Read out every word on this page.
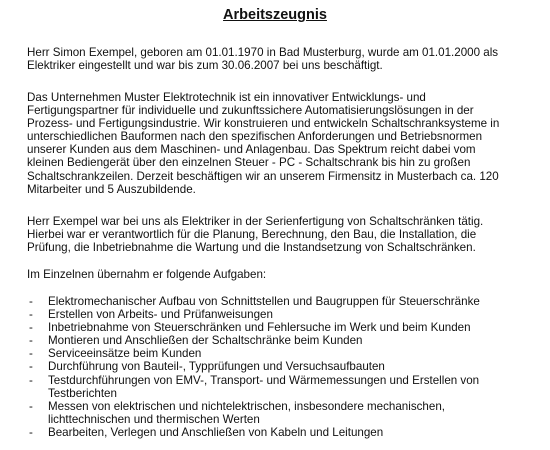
Arbeitszeugnis

Herr Simon Exempel, geboren am 01.01.1970 in Bad Musterburg, wurde am 01.01.2000 als
Elektriker eingestellt und war bis zum 30.06.2007 bei uns beschäftigt.

Das Unternehmen Muster Elektrotechnik ist ein innovativer Entwicklungs- und
Fertigungspartner für individuelle und zukunftssichere Automatisierungslösungen in der
Prozess- und Fertigungsindustrie. Wir konstruieren und entwickeln Schaltschranksysteme in
unterschiedlichen Bauformen nach den spezifischen Anforderungen und Betriebsnormen
unserer Kunden aus dem Maschinen- und Anlagenbau. Das Spektrum reicht dabei vom
kleinen Bediengerät über den einzelnen Steuer - PC - Schaltschrank bis hin zu großen
Schaltschrankzeilen. Derzeit beschäftigen wir an unserem Firmensitz in Musterbach ca. 120
Mitarbeiter und 5 Auszubildende.

Herr Exempel war bei uns als Elektriker in der Serienfertigung von Schaltschränken tätig.
Hierbei war er verantwortlich für die Planung, Berechnung, den Bau, die Installation, die
Prüfung, die Inbetriebnahme die Wartung und die Instandsetzung von Schaltschränken.

Im Einzelnen übernahm er folgende Aufgaben:

- Elektromechanischer Aufbau von Schnittstellen und Baugruppen für Steuerschränke
- Erstellen von Arbeits- und Prüfanweisungen
- Inbetriebnahme von Steuerschränken und Fehlersuche im Werk und beim Kunden
- Montieren und Anschließen der Schaltschränke beim Kunden
- Serviceeinsätze beim Kunden
- Durchführung von Bauteil-, Typprüfungen und Versuchsaufbauten
- Testdurchführungen von EMV-, Transport- und Wärmemessungen und Erstellen von
Testberichten
- Messen von elektrischen und nichtelektrischen, insbesondere mechanischen,
lichttechnischen und thermischen Werten
- Bearbeiten, Verlegen und Anschließen von Kabeln und Leitungen
